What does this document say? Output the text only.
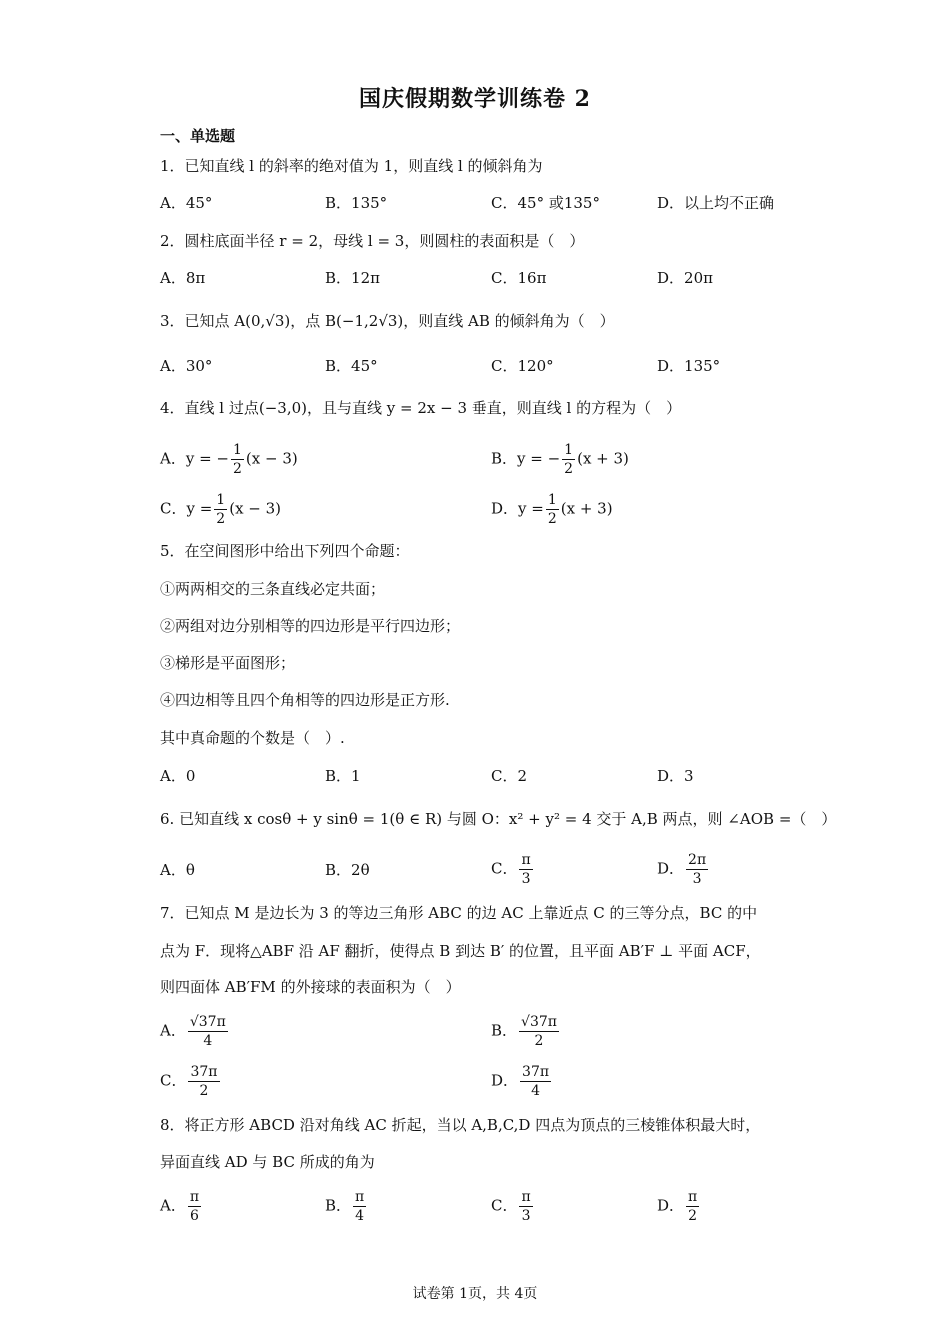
国庆假期数学训练卷 2
一、单选题
1．已知直线 l 的斜率的绝对值为 1，则直线 l 的倾斜角为
A．45°	B．135°	C．45° 或135°	D．以上均不正确
2．圆柱底面半径 r = 2，母线 l = 3，则圆柱的表面积是（　）
A．8π	B．12π	C．16π	D．20π
3．已知点 A(0,√3)，点 B(−1,2√3)，则直线 AB 的倾斜角为（　）
A．30°	B．45°	C．120°	D．135°
4．直线 l 过点(−3,0)，且与直线 y = 2x − 3 垂直，则直线 l 的方程为（　）
A．y = − $\frac{1}{2} (x - 3)$	B．y = − $\frac{1}{2} (x + 3)$
C．$y = \frac{1}{2} (x - 3)$	D．$y = \frac{1}{2} (x + 3)$
5．在空间图形中给出下列四个命题：
①两两相交的三条直线必定共面；
②两组对边分别相等的四边形是平行四边形；
③梯形是平面图形；
④四边相等且四个角相等的四边形是正方形.
其中真命题的个数是（　）.
A．0	B．1	C．2	D．3
6. 已知直线 x cosθ + y sinθ = 1(θ ∈ R) 与圆 O：x² + y² = 4 交于 A,B 两点，则 ∠AOB =（　）
A．θ	B．2θ	C． $\frac{\pi}{3}$	D． $\frac{2\pi}{3}$
7．已知点 M 是边长为 3 的等边三角形 ABC 的边 AC 上靠近点 C 的三等分点，BC 的中
点为 F．现将△ABF 沿 AF 翻折，使得点 B 到达 B′ 的位置，且平面 AB′F ⊥ 平面 ACF，
则四面体 AB′FM 的外接球的表面积为（　）
A． $\frac{√37\pi}{4}$	B． $\frac{√37\pi}{2}$
C． $\frac{37\pi}{2}$	D． $\frac{37\pi}{4}$
8．将正方形 ABCD 沿对角线 AC 折起，当以 A,B,C,D 四点为顶点的三棱锥体积最大时，
异面直线 AD 与 BC 所成的角为
A． $\frac{\pi}{6}$	B． $\frac{\pi}{4}$	C． $\frac{\pi}{3}$	D． $\frac{\pi}{2}$
试卷第 1页，共 4页
